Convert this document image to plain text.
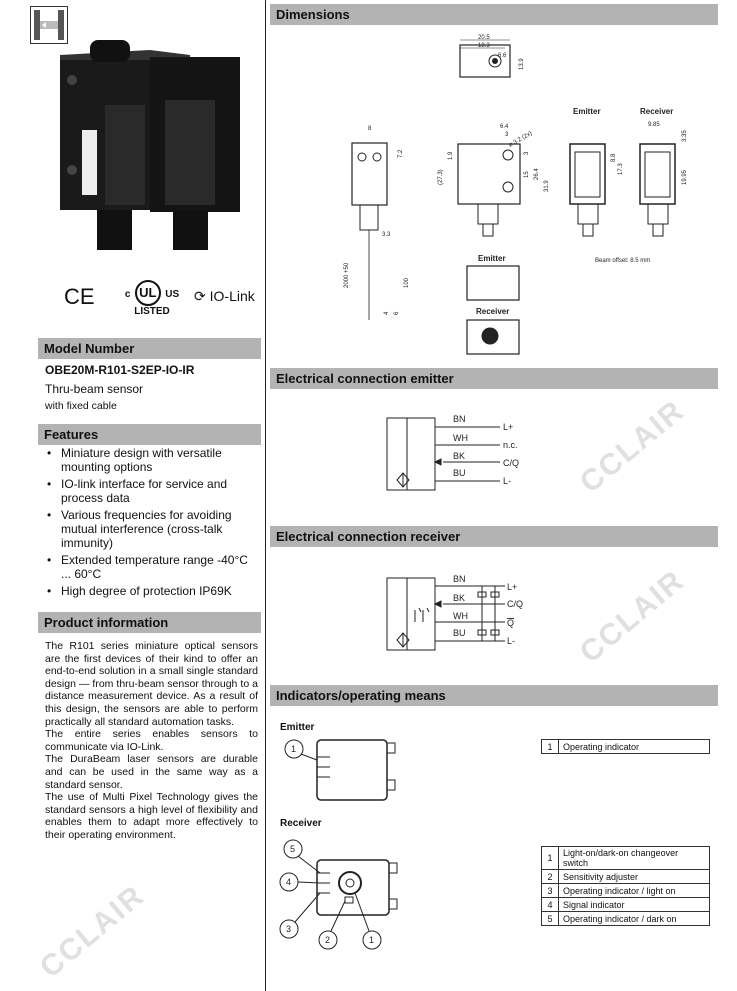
CCLAIR
CCLAIR
CCLAIR
CE	c UL US
LISTED
⟳ IO-Link
Model Number
OBE20M-R101-S2EP-IO-IR
Thru-beam sensor
with fixed cable
Features
• Miniature design with versatile mounting options
• IO-link interface for service and process data
• Various frequencies for avoiding mutual interference (cross-talk immunity)
• Extended temperature range -40°C ... 60°C
• High degree of protection IP69K
Product information
The R101 series miniature optical sensors are the first devices of their kind to offer an end-to-end solution in a small single standard design — from thru-beam sensor through to a distance measurement device. As a result of this design, the sensors are able to perform practically all standard automation tasks.
The entire series enables sensors to communicate via IO-Link.
The DuraBeam laser sensors are durable and can be used in the same way as a standard sensor.
The use of Multi Pixel Technology gives the standard sensors a high level of flexibility and enables them to adapt more effectively to their operating environment.
Dimensions
20.5
18.3
6.6
13.9
8
7.2
3.3
2000 +50	100
4 6
6.4
3 ø 3.2 (2x)
1.9
(27.3)
3
15 26.4
31.9
Emitter	Receiver
9.85
3.35
8.8
17.3
19.95
Beam offset: 8.5 mm
Emitter
Receiver
Electrical connection emitter
BN
WH
BK
BU
L+
n.c.
C/Q
L-
Electrical connection receiver
BN
BK
WH
BU
L+
C/Q
Q
L-
Indicators/operating means
Emitter
1	1	Operating indicator
Receiver
5
4
3
2	1
1	Light-on/dark-on changeover switch
2	Sensitivity adjuster
3	Operating indicator / light on
4	Signal indicator
5	Operating indicator / dark on
